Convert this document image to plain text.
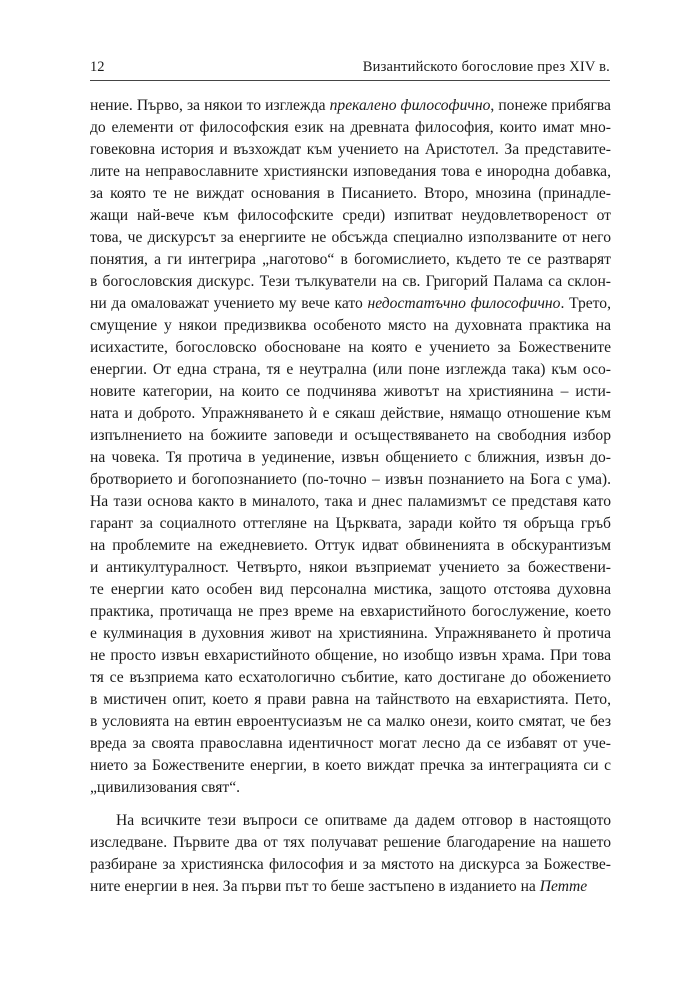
12	Византийското богословие през XIV в.
нение. Първо, за някои то изглежда прекалено философично, понеже прибягва
до елементи от философския език на древната философия, които имат мно-
говековна история и възхождат към учението на Аристотел. За представите-
лите на неправославните християнски изповедания това е инородна добавка,
за която те не виждат основания в Писанието. Второ, мнозина (принадле-
жащи най-вече към философските среди) изпитват неудовлетвореност от
това, че дискурсът за енергиите не обсъжда специално използваните от него
понятия, а ги интегрира „наготово“ в богомислието, където те се разтварят
в богословския дискурс. Тези тълкуватели на св. Григорий Палама са склон-
ни да омаловажат учението му вече като недостатъчно философично. Трето,
смущение у някои предизвиква особеното място на духовната практика на
исихастите, богословско обосноване на която е учението за Божествените
енергии. От една страна, тя е неутрална (или поне изглежда така) към осо-
новите категории, на които се подчинява животът на християнина – исти-
ната и доброто. Упражняването ѝ е сякаш действие, нямащо отношение към
изпълнението на божиите заповеди и осъществяването на свободния избор
на човека. Тя протича в уединение, извън общението с ближния, извън до-
бротворието и богопознанието (по-точно – извън познанието на Бога с ума).
На тази основа както в миналото, така и днес паламизмът се представя като
гарант за социалното оттегляне на Църквата, заради който тя обръща гръб
на проблемите на ежедневието. Оттук идват обвиненията в обскурантизъм
и антикултуралност. Четвърто, някои възприемат учението за божествени-
те енергии като особен вид персонална мистика, защото отстоява духовна
практика, протичаща не през време на евхаристийното богослужение, което
е кулминация в духовния живот на християнина. Упражняването ѝ протича
не просто извън евхаристийното общение, но изобщо извън храма. При това
тя се възприема като есхатологично събитие, като достигане до обожението
в мистичен опит, което я прави равна на тайнството на евхаристията. Пето,
в условията на евтин евроентусиазъм не са малко онези, които смятат, че без
вреда за своята православна идентичност могат лесно да се избавят от уче-
нието за Божествените енергии, в което виждат пречка за интеграцията си с
„цивилизования свят“.
На всичките тези въпроси се опитваме да дадем отговор в настоящото
изследване. Първите два от тях получават решение благодарение на нашето
разбиране за християнска философия и за мястото на дискурса за Божестве-
ните енергии в нея. За първи път то беше застъпено в изданието на Петте
